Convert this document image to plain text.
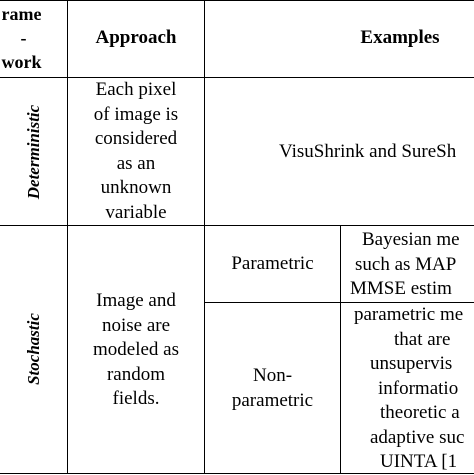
rame
-
work
Approach	Examples
Deterministic
Each pixel
of image is
considered
as an
unknown
variable
VisuShrink and SureSh
Stochastic
Image and
noise are
modeled as
random
fields.
Parametric
Bayesian me
such as MAP
MMSE estim
Non-
parametric
parametric me
that are
unsupervis
informatio
theoretic a
adaptive suc
UINTA [1
